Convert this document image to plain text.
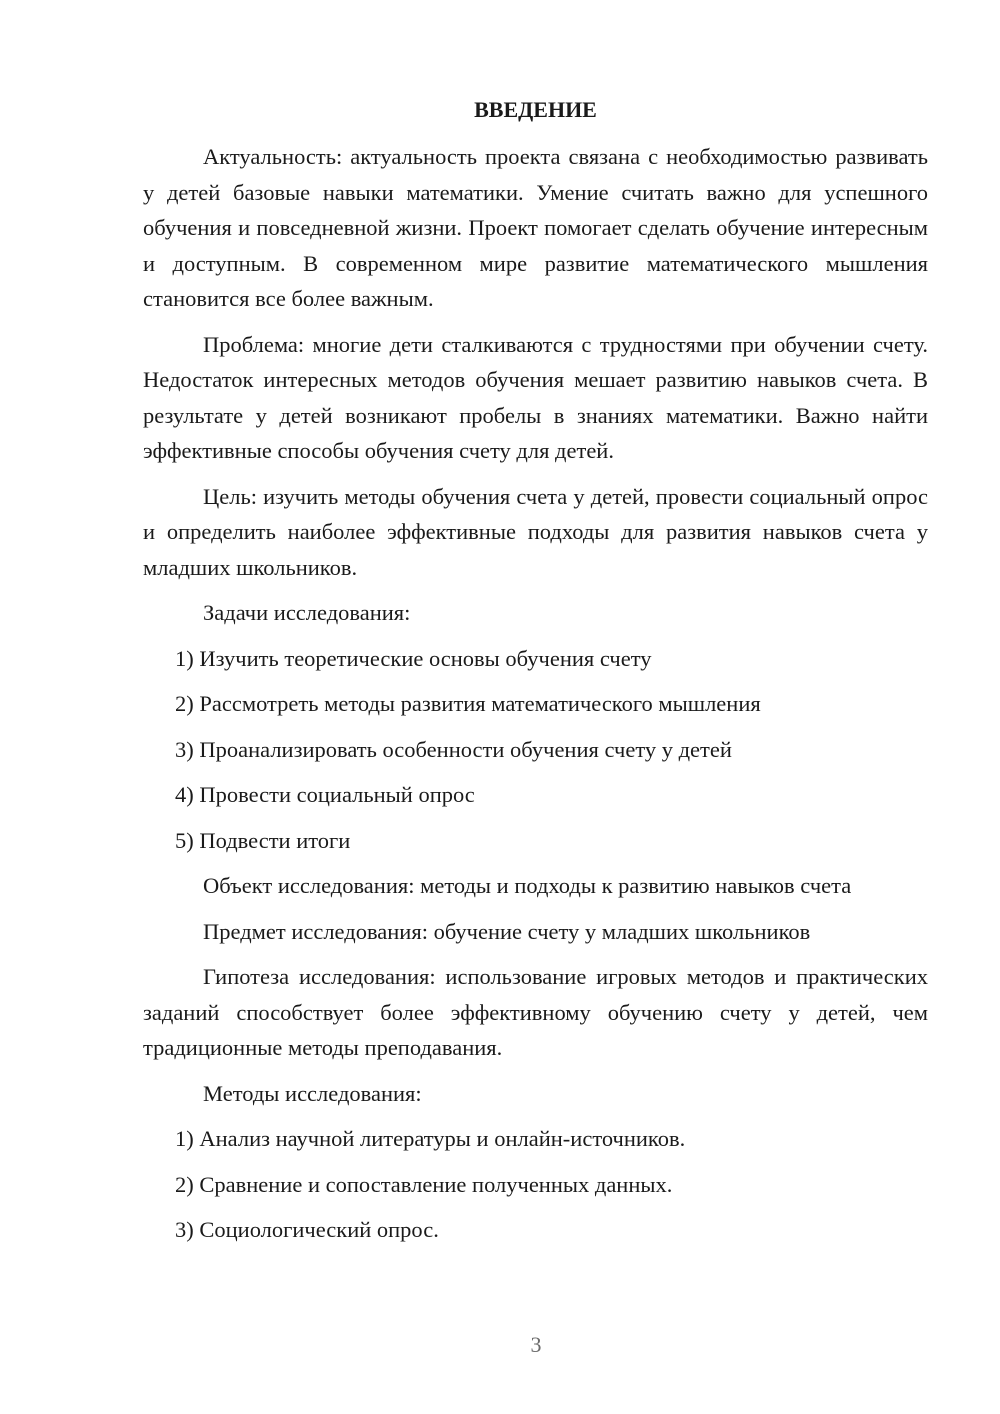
ВВЕДЕНИЕ

Актуальность: актуальность проекта связана с необходимостью развивать у детей базовые навыки математики. Умение считать важно для успешного обучения и повседневной жизни. Проект помогает сделать обучение интересным и доступным. В современном мире развитие математического мышления становится все более важным.

Проблема: многие дети сталкиваются с трудностями при обучении счету. Недостаток интересных методов обучения мешает развитию навыков счета. В результате у детей возникают пробелы в знаниях математики. Важно найти эффективные способы обучения счету для детей.

Цель: изучить методы обучения счета у детей, провести социальный опрос и определить наиболее эффективные подходы для развития навыков счета у младших школьников.

Задачи исследования:
1) Изучить теоретические основы обучения счету
2) Рассмотреть методы развития математического мышления
3) Проанализировать особенности обучения счету у детей
4) Провести социальный опрос
5) Подвести итоги
Объект исследования: методы и подходы к развитию навыков счета
Предмет исследования: обучение счету у младших школьников

Гипотеза исследования: использование игровых методов и практических заданий способствует более эффективному обучению счету у детей, чем традиционные методы преподавания.

Методы исследования:
1) Анализ научной литературы и онлайн-источников.
2) Сравнение и сопоставление полученных данных.
3) Социологический опрос.
3
